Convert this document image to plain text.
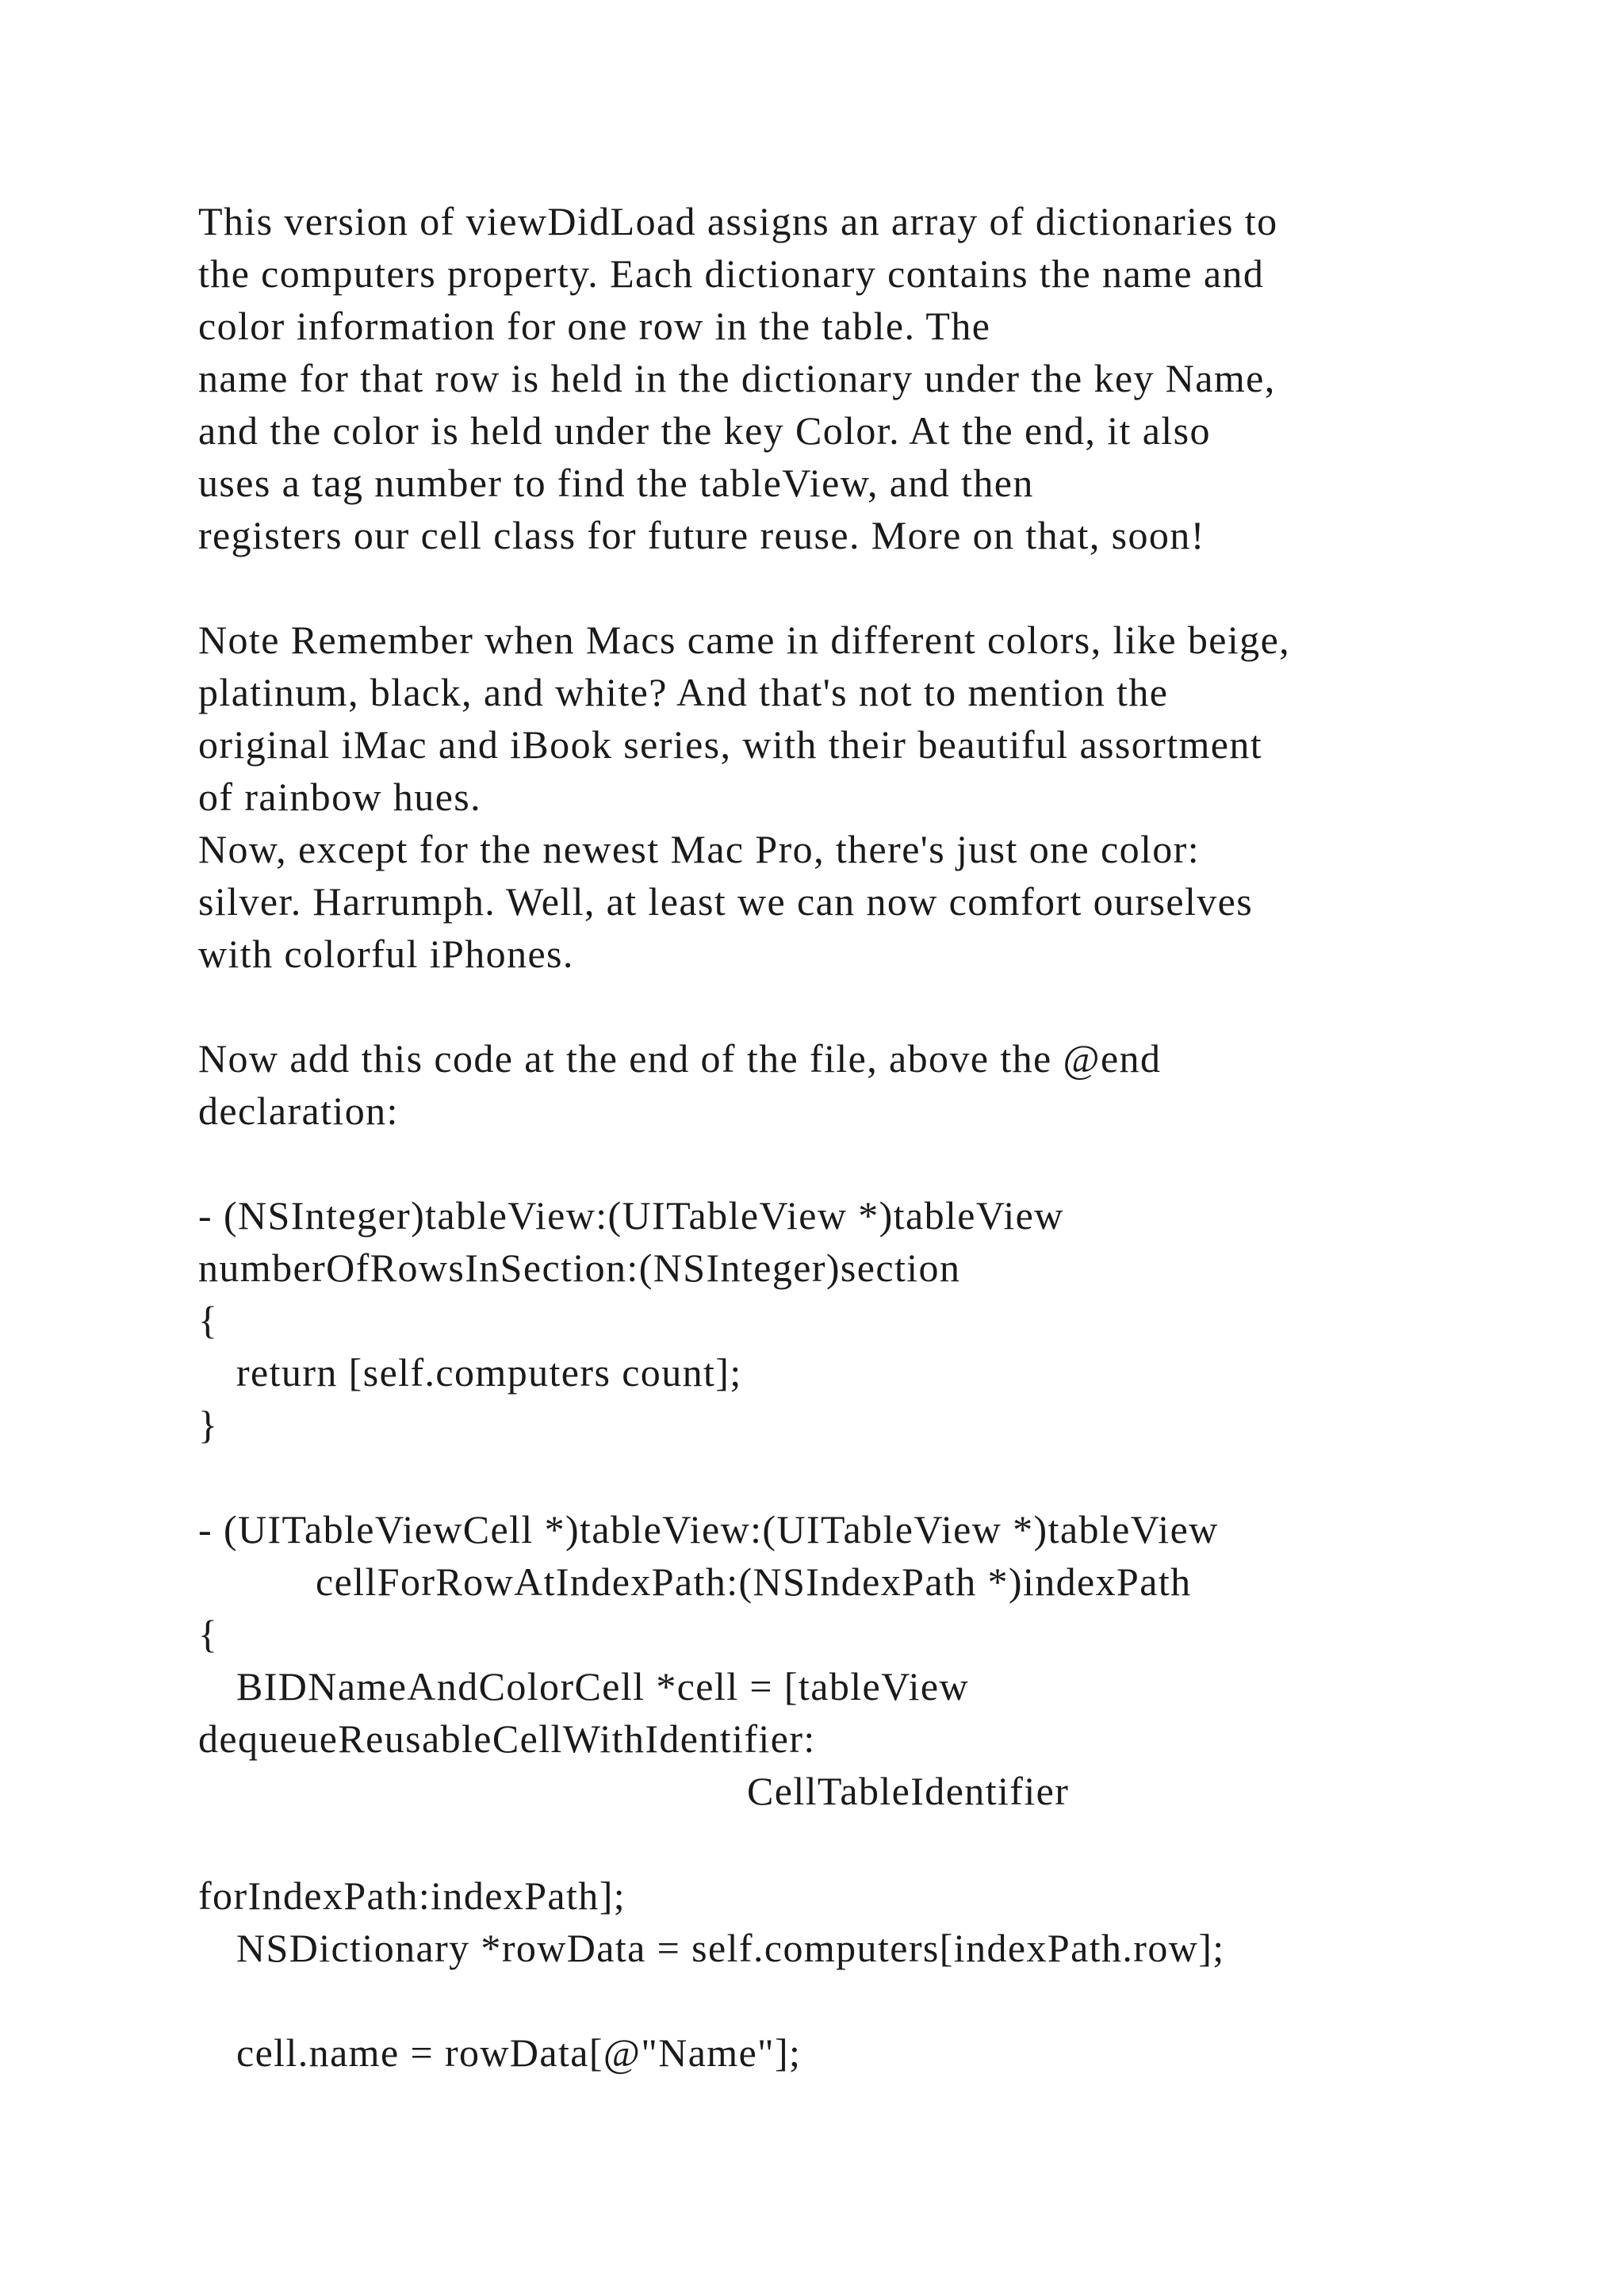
This version of viewDidLoad assigns an array of dictionaries to
the computers property. Each dictionary contains the name and
color information for one row in the table. The
name for that row is held in the dictionary under the key Name,
and the color is held under the key Color. At the end, it also
uses a tag number to find the tableView, and then
registers our cell class for future reuse. More on that, soon!
Note Remember when Macs came in different colors, like beige,
platinum, black, and white? And that's not to mention the
original iMac and iBook series, with their beautiful assortment
of rainbow hues.
Now, except for the newest Mac Pro, there's just one color:
silver. Harrumph. Well, at least we can now comfort ourselves
with colorful iPhones.
Now add this code at the end of the file, above the @end
declaration:
- (NSInteger)tableView:(UITableView *)tableView
numberOfRowsInSection:(NSInteger)section
{
return [self.computers count];
}
- (UITableViewCell *)tableView:(UITableView *)tableView
cellForRowAtIndexPath:(NSIndexPath *)indexPath
{
BIDNameAndColorCell *cell = [tableView
dequeueReusableCellWithIdentifier:
CellTableIdentifier
forIndexPath:indexPath];
NSDictionary *rowData = self.computers[indexPath.row];
cell.name = rowData[@"Name"];
